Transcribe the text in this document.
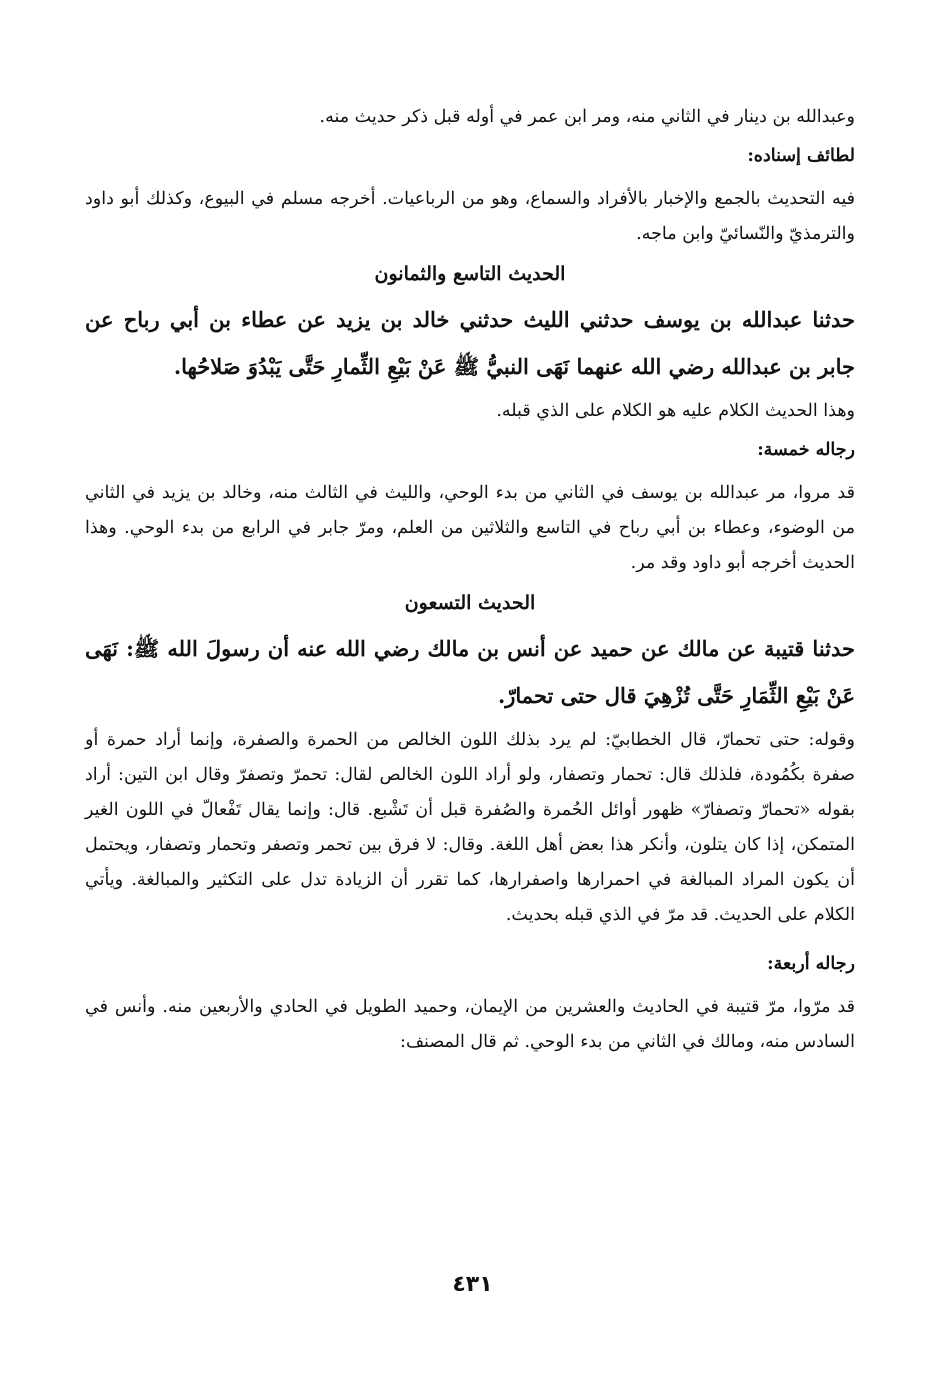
وعبدالله بن دينار في الثاني منه، ومر ابن عمر في أوله قبل ذكر حديث منه.

لطائف إسناده:

فيه التحديث بالجمع والإخبار بالأفراد والسماع، وهو من الرباعيات. أخرجه مسلم في البيوع، وكذلك أبو داود والترمذيّ والنّسائيّ وابن ماجه.

الحديث التاسع والثمانون

حدثنا عبدالله بن يوسف حدثني الليث حدثني خالد بن يزيد عن عطاء بن أبي رباح عن جابر بن عبدالله رضي الله عنهما نَهَى النبيُّ ﷺ عَنْ بَيْعِ الثِّمارِ حَتَّى يَبْدُوَ صَلاحُها.

وهذا الحديث الكلام عليه هو الكلام على الذي قبله.

رجاله خمسة:

قد مروا، مر عبدالله بن يوسف في الثاني من بدء الوحي، والليث في الثالث منه، وخالد بن يزيد في الثاني من الوضوء، وعطاء بن أبي رباح في التاسع والثلاثين من العلم، ومرّ جابر في الرابع من بدء الوحي. وهذا الحديث أخرجه أبو داود وقد مر.

الحديث التسعون

حدثنا قتيبة عن مالك عن حميد عن أنس بن مالك رضي الله عنه أن رسولَ الله ﷺ: نَهَى عَنْ بَيْعِ الثِّمَارِ حَتَّى تُزْهِيَ قال حتى تحمارّ.

وقوله: حتى تحمارّ، قال الخطابيّ: لم يرد بذلك اللون الخالص من الحمرة والصفرة، وإنما أراد حمرة أو صفرة بكُمُودة، فلذلك قال: تحمار وتصفار، ولو أراد اللون الخالص لقال: تحمرّ وتصفرّ وقال ابن التين: أراد بقوله «تحمارّ وتصفارّ» ظهور أوائل الحُمرة والصُفرة قبل أن تَشْبع. قال: وإنما يقال تَفْعالّ في اللون الغير المتمكن، إذا كان يتلون، وأنكر هذا بعض أهل اللغة. وقال: لا فرق بين تحمر وتصفر وتحمار وتصفار، ويحتمل أن يكون المراد المبالغة في احمرارها واصفرارها، كما تقرر أن الزيادة تدل على التكثير والمبالغة. ويأتي الكلام على الحديث. قد مرّ في الذي قبله بحديث.

رجاله أربعة:

قد مرّوا، مرّ قتيبة في الحاديث والعشرين من الإيمان، وحميد الطويل في الحادي والأربعين منه. وأنس في السادس منه، ومالك في الثاني من بدء الوحي. ثم قال المصنف:

٤٣١
